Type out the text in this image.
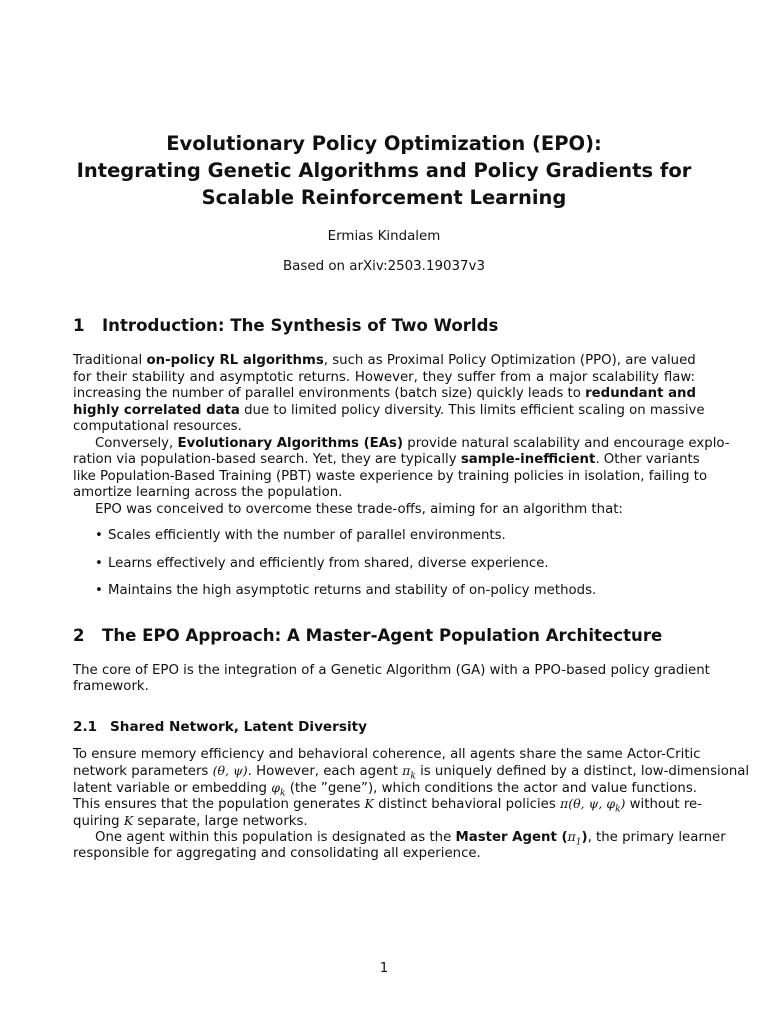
Evolutionary Policy Optimization (EPO):
Integrating Genetic Algorithms and Policy Gradients for
Scalable Reinforcement Learning
Ermias Kindalem
Based on arXiv:2503.19037v3
1 Introduction: The Synthesis of Two Worlds
Traditional on-policy RL algorithms, such as Proximal Policy Optimization (PPO), are valued
for their stability and asymptotic returns. However, they suffer from a major scalability flaw:
increasing the number of parallel environments (batch size) quickly leads to redundant and
highly correlated data due to limited policy diversity. This limits efficient scaling on massive
computational resources.
Conversely, Evolutionary Algorithms (EAs) provide natural scalability and encourage explo-
ration via population-based search. Yet, they are typically sample-inefficient. Other variants
like Population-Based Training (PBT) waste experience by training policies in isolation, failing to
amortize learning across the population.
EPO was conceived to overcome these trade-offs, aiming for an algorithm that:
• Scales efficiently with the number of parallel environments.
• Learns effectively and efficiently from shared, diverse experience.
• Maintains the high asymptotic returns and stability of on-policy methods.
2 The EPO Approach: A Master-Agent Population Architecture
The core of EPO is the integration of a Genetic Algorithm (GA) with a PPO-based policy gradient
framework.
2.1 Shared Network, Latent Diversity
To ensure memory efficiency and behavioral coherence, all agents share the same Actor-Critic
network parameters (θ, ψ). However, each agent $\pi_k$ is uniquely defined by a distinct, low-dimensional
latent variable or embedding $\varphi_k$ (the ”gene”), which conditions the actor and value functions.
This ensures that the population generates K distinct behavioral policies π(θ, ψ, $\varphi_k$) without re-
quiring K separate, large networks.
One agent within this population is designated as the Master Agent $(\pi_1)$, the primary learner
responsible for aggregating and consolidating all experience.
1
